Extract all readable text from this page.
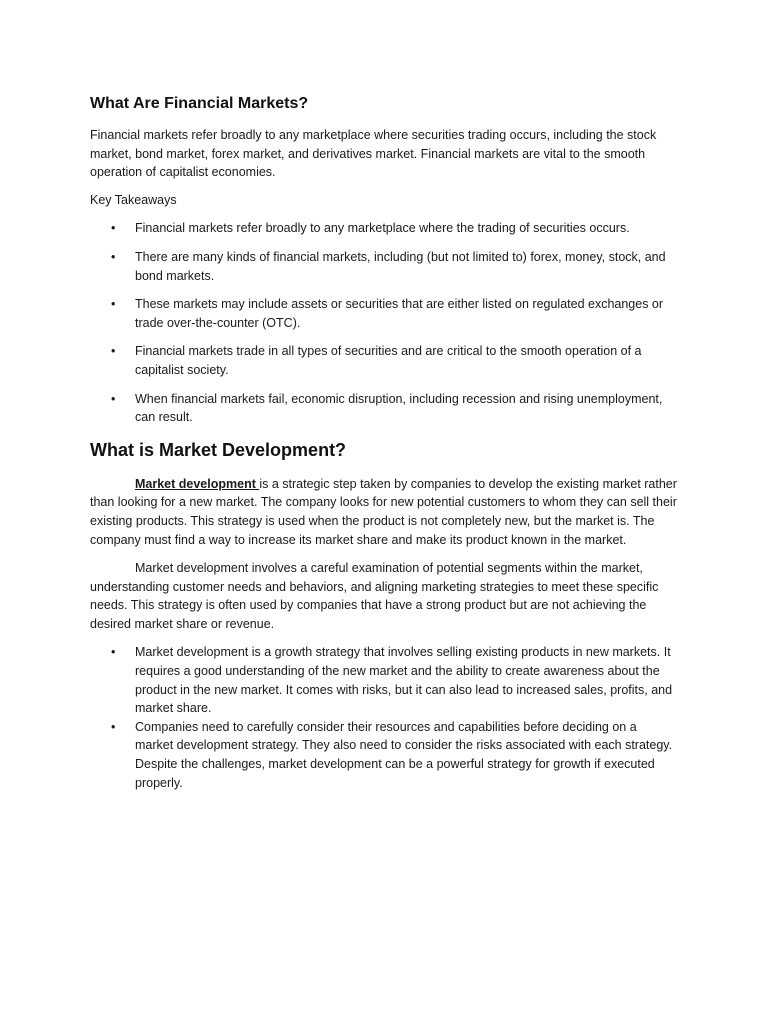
What Are Financial Markets?

Financial markets refer broadly to any marketplace where securities trading occurs, including the stock market, bond market, forex market, and derivatives market. Financial markets are vital to the smooth operation of capitalist economies.

Key Takeaways

• Financial markets refer broadly to any marketplace where the trading of securities occurs.
• There are many kinds of financial markets, including (but not limited to) forex, money, stock, and bond markets.
• These markets may include assets or securities that are either listed on regulated exchanges or trade over-the-counter (OTC).
• Financial markets trade in all types of securities and are critical to the smooth operation of a capitalist society.
• When financial markets fail, economic disruption, including recession and rising unemployment, can result.
What is Market Development?

Market development is a strategic step taken by companies to develop the existing market rather than looking for a new market. The company looks for new potential customers to whom they can sell their existing products. This strategy is used when the product is not completely new, but the market is. The company must find a way to increase its market share and make its product known in the market.

Market development involves a careful examination of potential segments within the market, understanding customer needs and behaviors, and aligning marketing strategies to meet these specific needs. This strategy is often used by companies that have a strong product but are not achieving the desired market share or revenue.

• Market development is a growth strategy that involves selling existing products in new markets. It requires a good understanding of the new market and the ability to create awareness about the product in the new market. It comes with risks, but it can also lead to increased sales, profits, and market share.
• Companies need to carefully consider their resources and capabilities before deciding on a market development strategy. They also need to consider the risks associated with each strategy. Despite the challenges, market development can be a powerful strategy for growth if executed properly.
